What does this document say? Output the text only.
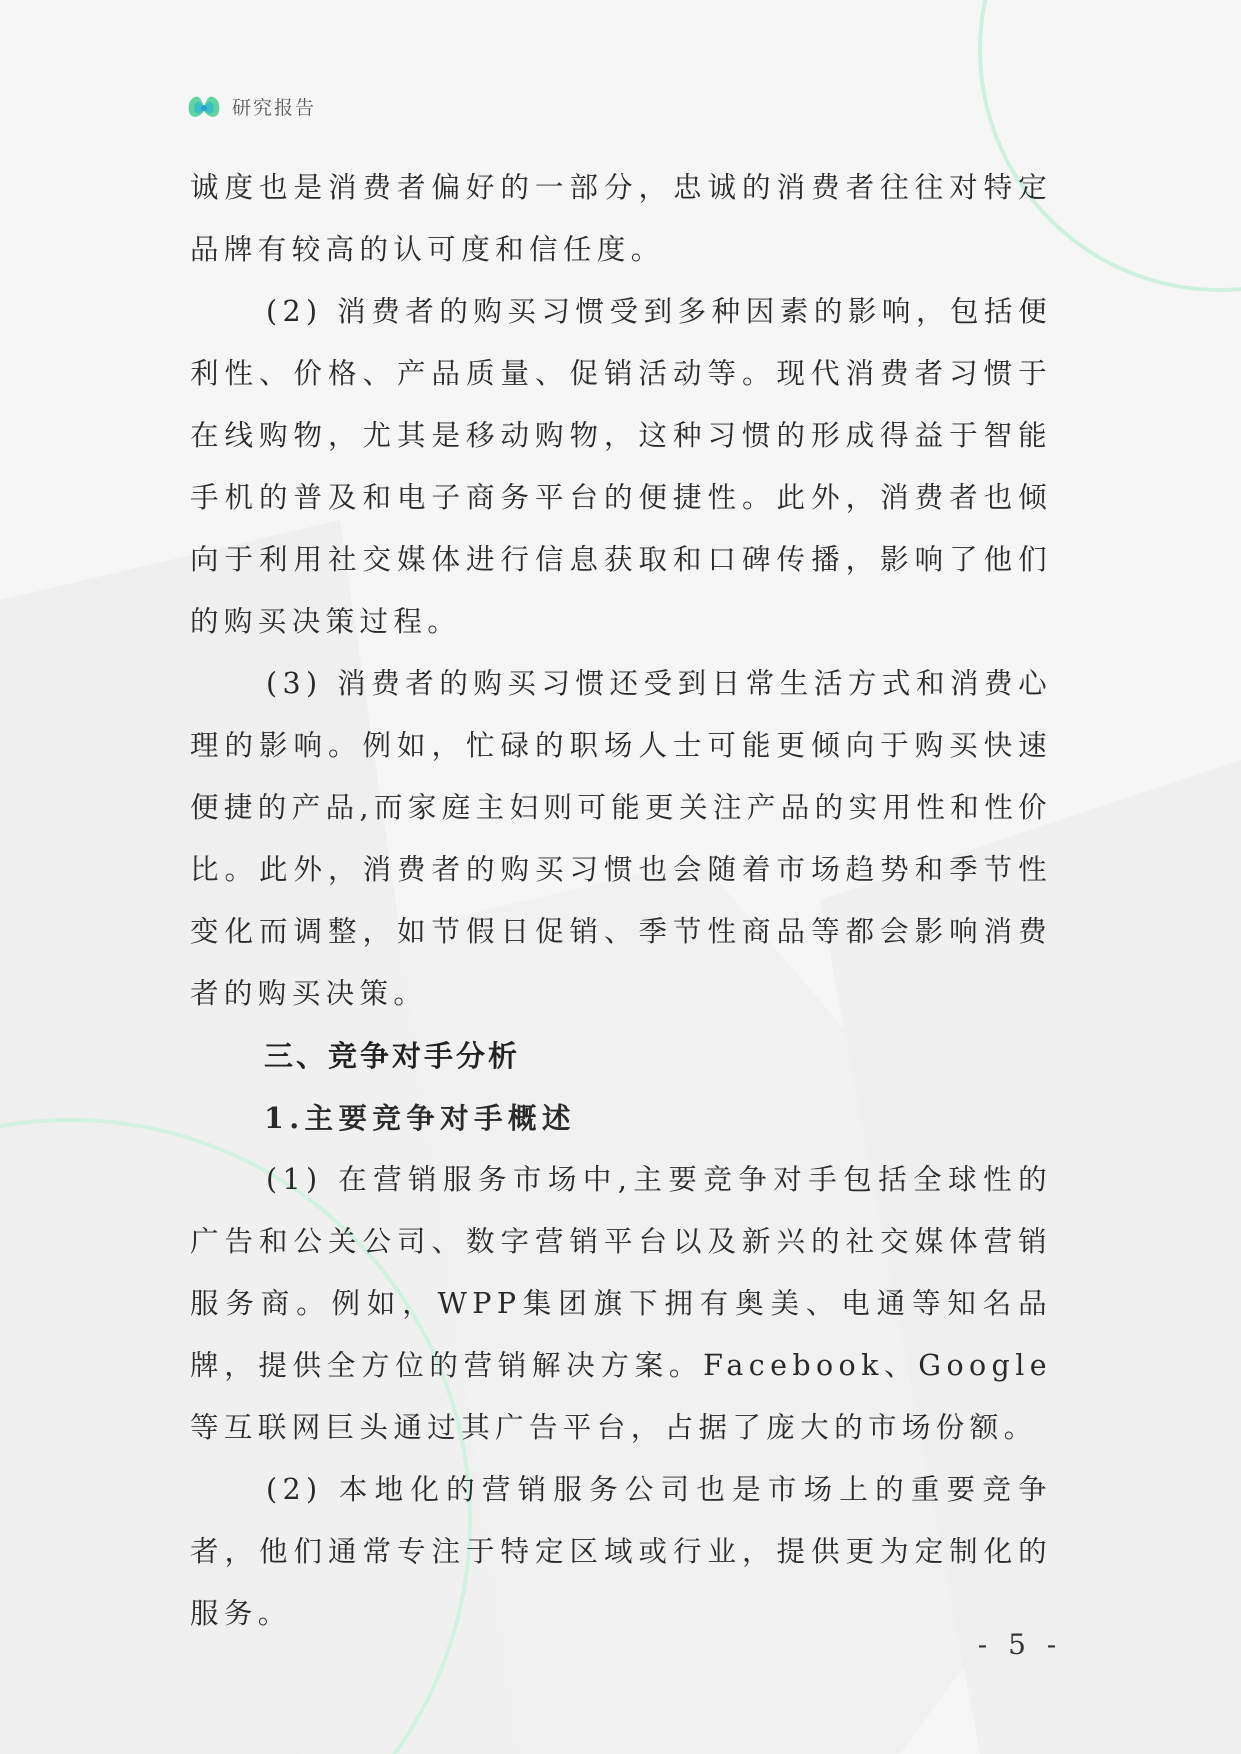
研究报告

诚度也是消费者偏好的一部分，忠诚的消费者往往对特定品牌有较高的认可度和信任度。

(2) 消费者的购买习惯受到多种因素的影响，包括便利性、价格、产品质量、促销活动等。现代消费者习惯于在线购物，尤其是移动购物，这种习惯的形成得益于智能手机的普及和电子商务平台的便捷性。此外，消费者也倾向于利用社交媒体进行信息获取和口碑传播，影响了他们的购买决策过程。

(3) 消费者的购买习惯还受到日常生活方式和消费心理的影响。例如，忙碌的职场人士可能更倾向于购买快速便捷的产品,而家庭主妇则可能更关注产品的实用性和性价比。此外，消费者的购买习惯也会随着市场趋势和季节性变化而调整，如节假日促销、季节性商品等都会影响消费者的购买决策。

三、竞争对手分析
1.主要竞争对手概述

(1) 在营销服务市场中,主要竞争对手包括全球性的广告和公关公司、数字营销平台以及新兴的社交媒体营销服务商。例如，WPP集团旗下拥有奥美、电通等知名品牌，提供全方位的营销解决方案。Facebook、Google等互联网巨头通过其广告平台，占据了庞大的市场份额。

(2) 本地化的营销服务公司也是市场上的重要竞争者，他们通常专注于特定区域或行业，提供更为定制化的服务。

- 5 -
